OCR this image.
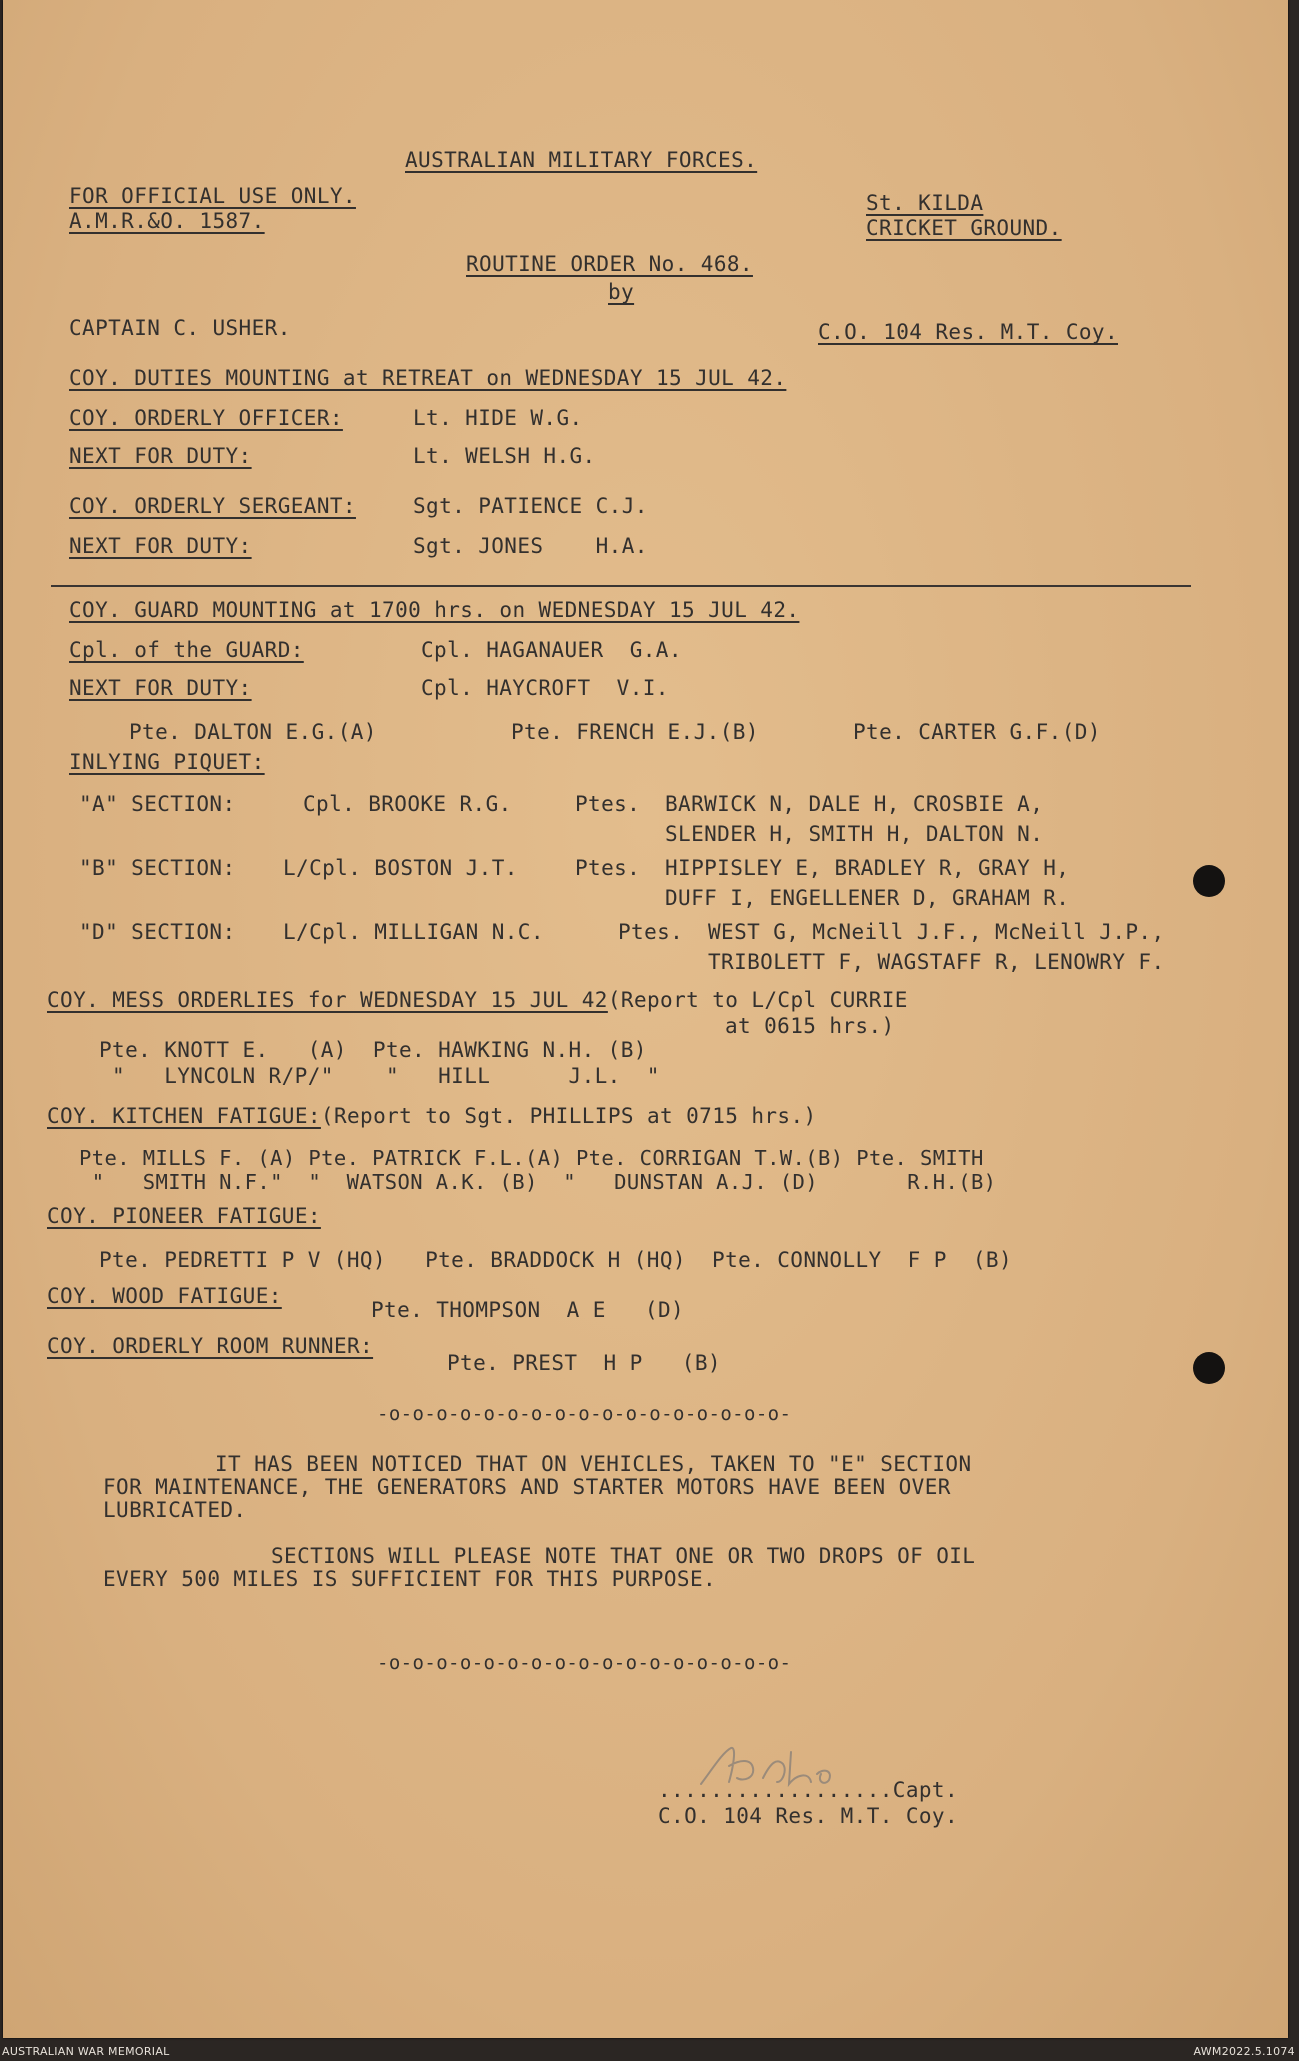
AUSTRALIAN MILITARY FORCES.
FOR OFFICIAL USE ONLY.
A.M.R.&O. 1587.
St. KILDA
CRICKET GROUND.
ROUTINE ORDER No. 468.
by
CAPTAIN C. USHER.	C.O. 104 Res. M.T. Coy.
COY. DUTIES MOUNTING at RETREAT on WEDNESDAY 15 JUL 42.
COY. ORDERLY OFFICER:	Lt. HIDE W.G.
NEXT FOR DUTY:	Lt. WELSH H.G.
COY. ORDERLY SERGEANT:	Sgt. PATIENCE C.J.
NEXT FOR DUTY:	Sgt. JONES    H.A.
COY. GUARD MOUNTING at 1700 hrs. on WEDNESDAY 15 JUL 42.
Cpl. of the GUARD:	Cpl. HAGANAUER  G.A.
NEXT FOR DUTY:	Cpl. HAYCROFT  V.I.
Pte. DALTON E.G.(A)	Pte. FRENCH E.J.(B)	Pte. CARTER G.F.(D)
INLYING PIQUET:
"A" SECTION:	Cpl. BROOKE R.G.	Ptes. BARWICK N, DALE H, CROSBIE A,
SLENDER H, SMITH H, DALTON N.
"B" SECTION: L/Cpl. BOSTON J.T.	Ptes. HIPPISLEY E, BRADLEY R, GRAY H,
DUFF I, ENGELLENER D, GRAHAM R.
"D" SECTION: L/Cpl. MILLIGAN N.C.	Ptes. WEST G, McNeill J.F., McNeill J.P.,
TRIBOLETT F, WAGSTAFF R, LENOWRY F.
COY. MESS ORDERLIES for WEDNESDAY 15 JUL 42(Report to L/Cpl CURRIE
at 0615 hrs.)
Pte. KNOTT E.   (A)  Pte. HAWKING N.H. (B)
"   LYNCOLN R/P/"    "   HILL      J.L.  "
COY. KITCHEN FATIGUE:(Report to Sgt. PHILLIPS at 0715 hrs.)
Pte. MILLS F. (A) Pte. PATRICK F.L.(A) Pte. CORRIGAN T.W.(B) Pte. SMITH
"   SMITH N.F."  "  WATSON A.K. (B)  "   DUNSTAN A.J. (D)       R.H.(B)
COY. PIONEER FATIGUE:
Pte. PEDRETTI P V (HQ)   Pte. BRADDOCK H (HQ)  Pte. CONNOLLY  F P  (B)
COY. WOOD FATIGUE:
Pte. THOMPSON  A E   (D)
COY. ORDERLY ROOM RUNNER:
Pte. PREST  H P   (B)
-o-o-o-o-o-o-o-o-o-o-o-o-o-o-o-o-o-
IT HAS BEEN NOTICED THAT ON VEHICLES, TAKEN TO "E" SECTION
FOR MAINTENANCE, THE GENERATORS AND STARTER MOTORS HAVE BEEN OVER
LUBRICATED.
SECTIONS WILL PLEASE NOTE THAT ONE OR TWO DROPS OF OIL
EVERY 500 MILES IS SUFFICIENT FOR THIS PURPOSE.
-o-o-o-o-o-o-o-o-o-o-o-o-o-o-o-o-o-
..................Capt.
C.O. 104 Res. M.T. Coy.
AUSTRALIAN WAR MEMORIAL	AWM2022.5.1074
